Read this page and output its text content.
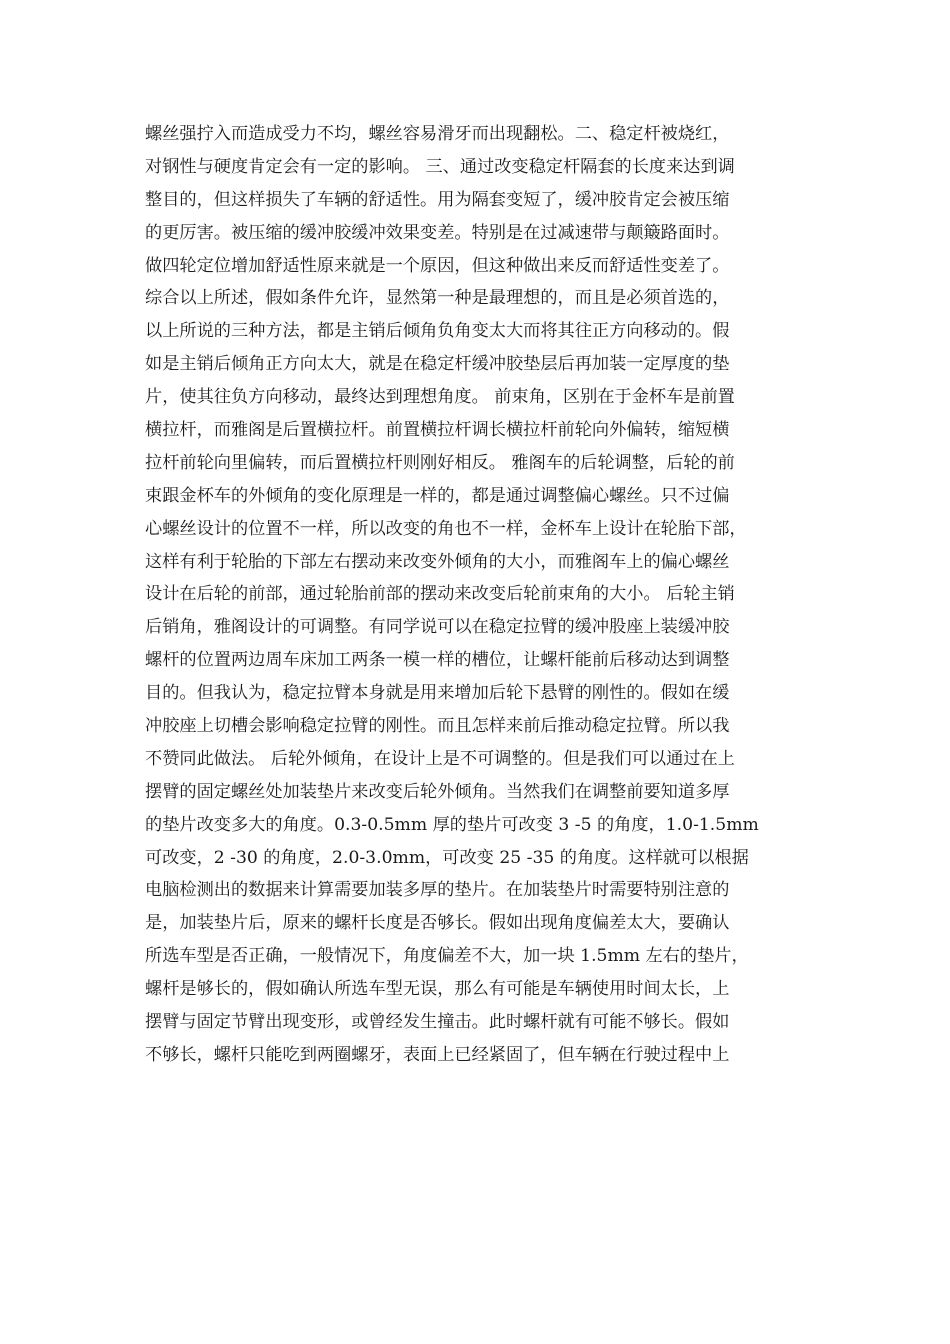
螺丝强拧入而造成受力不均，螺丝容易滑牙而出现翻松。二、稳定杆被烧红，
对钢性与硬度肯定会有一定的影响。 三、通过改变稳定杆隔套的长度来达到调
整目的，但这样损失了车辆的舒适性。用为隔套变短了，缓冲胶肯定会被压缩
的更厉害。被压缩的缓冲胶缓冲效果变差。特别是在过减速带与颠簸路面时。
做四轮定位增加舒适性原来就是一个原因，但这种做出来反而舒适性变差了。
综合以上所述，假如条件允许，显然第一种是最理想的，而且是必须首选的，
以上所说的三种方法，都是主销后倾角负角变太大而将其往正方向移动的。假
如是主销后倾角正方向太大，就是在稳定杆缓冲胶垫层后再加装一定厚度的垫
片，使其往负方向移动，最终达到理想角度。 前束角，区别在于金杯车是前置
横拉杆，而雅阁是后置横拉杆。前置横拉杆调长横拉杆前轮向外偏转，缩短横
拉杆前轮向里偏转，而后置横拉杆则刚好相反。 雅阁车的后轮调整，后轮的前
束跟金杯车的外倾角的变化原理是一样的，都是通过调整偏心螺丝。只不过偏
心螺丝设计的位置不一样，所以改变的角也不一样，金杯车上设计在轮胎下部，
这样有利于轮胎的下部左右摆动来改变外倾角的大小，而雅阁车上的偏心螺丝
设计在后轮的前部，通过轮胎前部的摆动来改变后轮前束角的大小。 后轮主销
后销角，雅阁设计的可调整。有同学说可以在稳定拉臂的缓冲股座上装缓冲胶
螺杆的位置两边周车床加工两条一模一样的槽位，让螺杆能前后移动达到调整
目的。但我认为，稳定拉臂本身就是用来增加后轮下悬臂的刚性的。假如在缓
冲胶座上切槽会影响稳定拉臂的刚性。而且怎样来前后推动稳定拉臂。所以我
不赞同此做法。 后轮外倾角，在设计上是不可调整的。但是我们可以通过在上
摆臂的固定螺丝处加装垫片来改变后轮外倾角。当然我们在调整前要知道多厚
的垫片改变多大的角度。0.3-0.5mm 厚的垫片可改变 3 -5 的角度，1.0-1.5mm
可改变，2 -30 的角度，2.0-3.0mm，可改变 25 -35 的角度。这样就可以根据
电脑检测出的数据来计算需要加装多厚的垫片。在加装垫片时需要特别注意的
是，加装垫片后，原来的螺杆长度是否够长。假如出现角度偏差太大，要确认
所选车型是否正确，一般情况下，角度偏差不大，加一块 1.5mm 左右的垫片，
螺杆是够长的，假如确认所选车型无误，那么有可能是车辆使用时间太长，上
摆臂与固定节臂出现变形，或曾经发生撞击。此时螺杆就有可能不够长。假如
不够长，螺杆只能吃到两圈螺牙，表面上已经紧固了，但车辆在行驶过程中上
